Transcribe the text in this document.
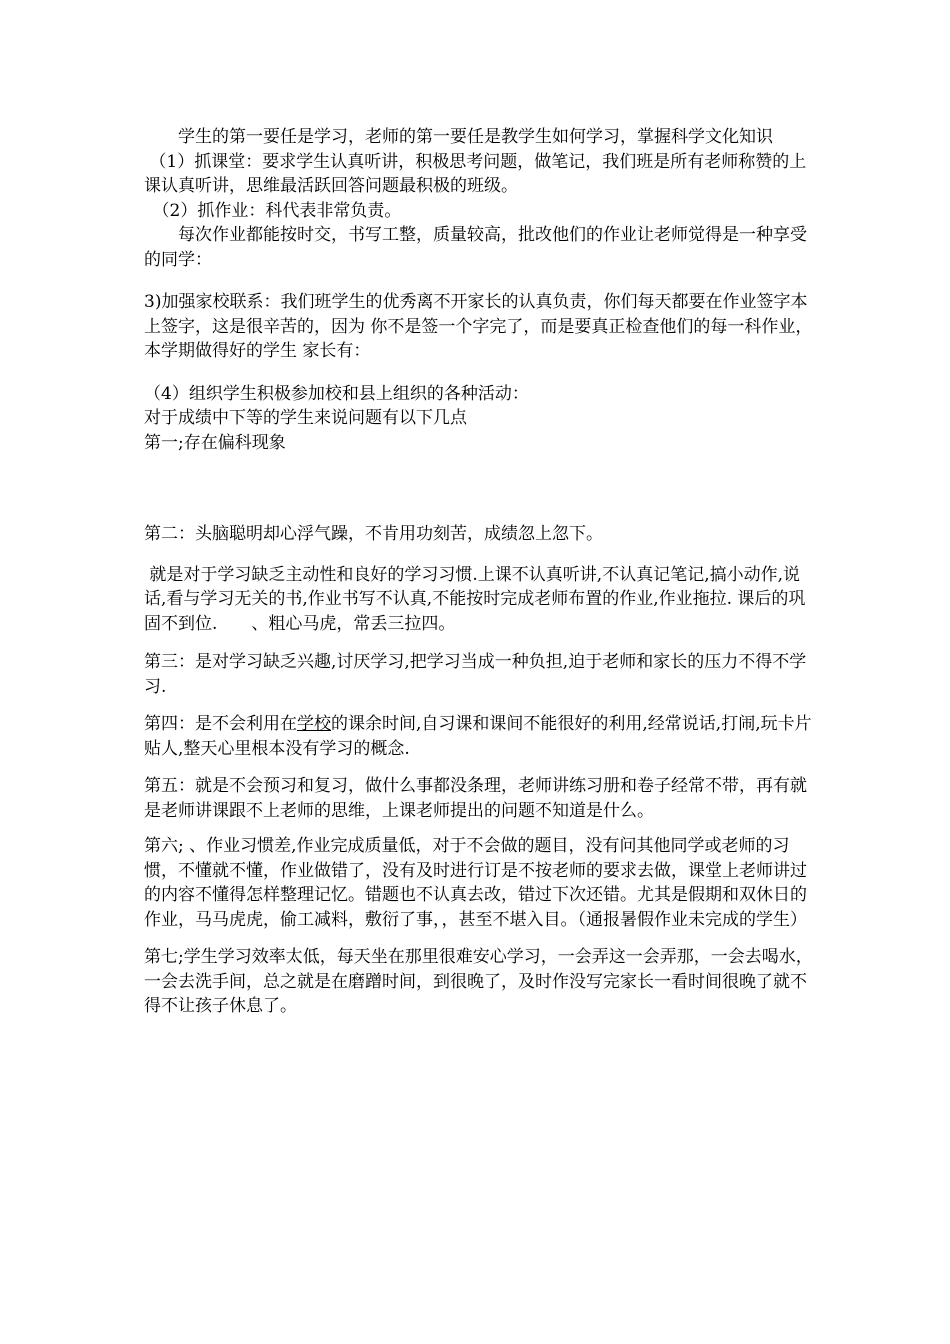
　　学生的第一要任是学习，老师的第一要任是教学生如何学习，掌握科学文化知识

（1）抓课堂：要求学生认真听讲，积极思考问题，做笔记，我们班是所有老师称赞的上课认真听讲，思维最活跃回答问题最积极的班级。

　（2）抓作业：科代表非常负责。

　　每次作业都能按时交，书写工整，质量较高，批改他们的作业让老师觉得是一种享受的同学：

3)加强家校联系：我们班学生的优秀离不开家长的认真负责，你们每天都要在作业签字本上签字，这是很辛苦的，因为 你不是签一个字完了，而是要真正检查他们的每一科作业，本学期做得好的学生 家长有：

（4）组织学生积极参加校和县上组织的各种活动：

对于成绩中下等的学生来说问题有以下几点

第一;存在偏科现象

第二：头脑聪明却心浮气躁，不肯用功刻苦，成绩忽上忽下。

就是对于学习缺乏主动性和良好的学习习惯.上课不认真听讲,不认真记笔记,搞小动作,说话,看与学习无关的书,作业书写不认真,不能按时完成老师布置的作业,作业拖拉. 课后的巩固不到位.　　、粗心马虎，常丢三拉四。

第三：是对学习缺乏兴趣,讨厌学习,把学习当成一种负担,迫于老师和家长的压力不得不学习.

第四：是不会利用在学校的课余时间,自习课和课间不能很好的利用,经常说话,打闹,玩卡片贴人,整天心里根本没有学习的概念.

第五：就是不会预习和复习，做什么事都没条理，老师讲练习册和卷子经常不带，再有就是老师讲课跟不上老师的思维，上课老师提出的问题不知道是什么。

第六; 、作业习惯差,作业完成质量低，对于不会做的题目，没有问其他同学或老师的习惯，不懂就不懂，作业做错了，没有及时进行订是不按老师的要求去做，课堂上老师讲过的内容不懂得怎样整理记忆。错题也不认真去改，错过下次还错。尤其是假期和双休日的作业，马马虎虎，偷工减料，敷衍了事，，甚至不堪入目。（通报暑假作业未完成的学生）

第七;学生学习效率太低，每天坐在那里很难安心学习，一会弄这一会弄那，一会去喝水，一会去洗手间，总之就是在磨蹭时间，到很晚了，及时作没写完家长一看时间很晚了就不得不让孩子休息了。
